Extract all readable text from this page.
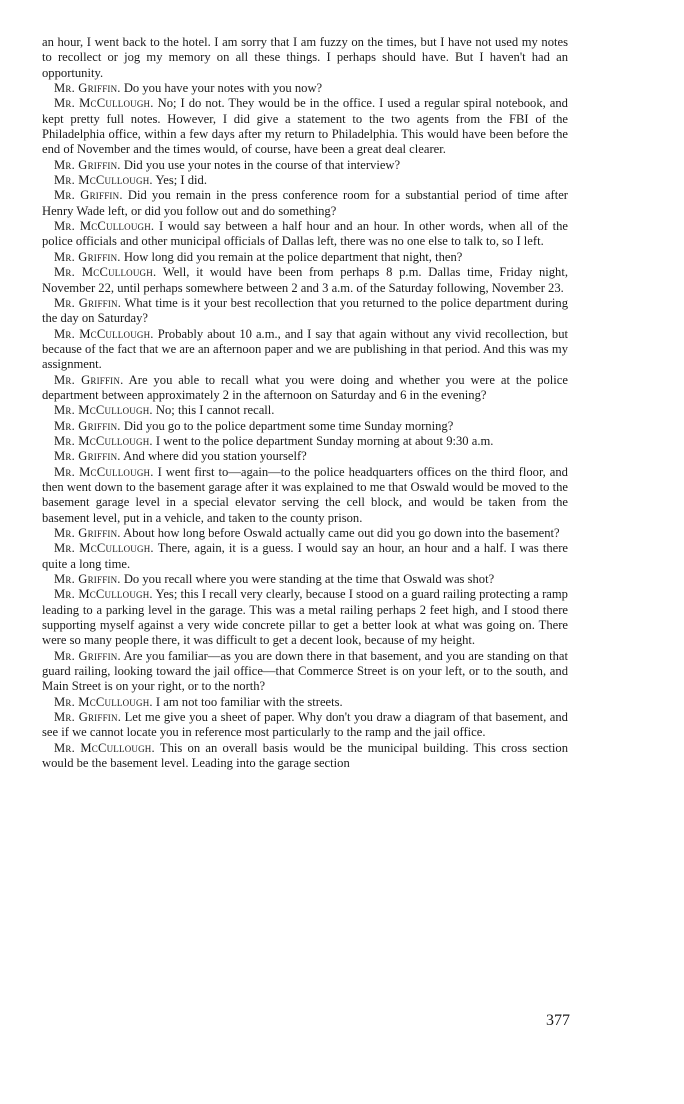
an hour, I went back to the hotel. I am sorry that I am fuzzy on the times, but I have not used my notes to recollect or jog my memory on all these things. I perhaps should have. But I haven't had an opportunity.

Mr. Griffin. Do you have your notes with you now?

Mr. McCullough. No; I do not. They would be in the office. I used a regular spiral notebook, and kept pretty full notes. However, I did give a statement to the two agents from the FBI of the Philadelphia office, within a few days after my return to Philadelphia. This would have been before the end of November and the times would, of course, have been a great deal clearer.

Mr. Griffin. Did you use your notes in the course of that interview?

Mr. McCullough. Yes; I did.

Mr. Griffin. Did you remain in the press conference room for a substantial period of time after Henry Wade left, or did you follow out and do something?

Mr. McCullough. I would say between a half hour and an hour. In other words, when all of the police officials and other municipal officials of Dallas left, there was no one else to talk to, so I left.

Mr. Griffin. How long did you remain at the police department that night, then?

Mr. McCullough. Well, it would have been from perhaps 8 p.m. Dallas time, Friday night, November 22, until perhaps somewhere between 2 and 3 a.m. of the Saturday following, November 23.

Mr. Griffin. What time is it your best recollection that you returned to the police department during the day on Saturday?

Mr. McCullough. Probably about 10 a.m., and I say that again without any vivid recollection, but because of the fact that we are an afternoon paper and we are publishing in that period. And this was my assignment.

Mr. Griffin. Are you able to recall what you were doing and whether you were at the police department between approximately 2 in the afternoon on Saturday and 6 in the evening?

Mr. McCullough. No; this I cannot recall.

Mr. Griffin. Did you go to the police department some time Sunday morning?

Mr. McCullough. I went to the police department Sunday morning at about 9:30 a.m.

Mr. Griffin. And where did you station yourself?

Mr. McCullough. I went first to—again—to the police headquarters offices on the third floor, and then went down to the basement garage after it was explained to me that Oswald would be moved to the basement garage level in a special elevator serving the cell block, and would be taken from the basement level, put in a vehicle, and taken to the county prison.

Mr. Griffin. About how long before Oswald actually came out did you go down into the basement?

Mr. McCullough. There, again, it is a guess. I would say an hour, an hour and a half. I was there quite a long time.

Mr. Griffin. Do you recall where you were standing at the time that Oswald was shot?

Mr. McCullough. Yes; this I recall very clearly, because I stood on a guard railing protecting a ramp leading to a parking level in the garage. This was a metal railing perhaps 2 feet high, and I stood there supporting myself against a very wide concrete pillar to get a better look at what was going on. There were so many people there, it was difficult to get a decent look, because of my height.

Mr. Griffin. Are you familiar—as you are down there in that basement, and you are standing on that guard railing, looking toward the jail office—that Commerce Street is on your left, or to the south, and Main Street is on your right, or to the north?

Mr. McCullough. I am not too familiar with the streets.

Mr. Griffin. Let me give you a sheet of paper. Why don't you draw a diagram of that basement, and see if we cannot locate you in reference most particularly to the ramp and the jail office.

Mr. McCullough. This on an overall basis would be the municipal building. This cross section would be the basement level. Leading into the garage section

377
